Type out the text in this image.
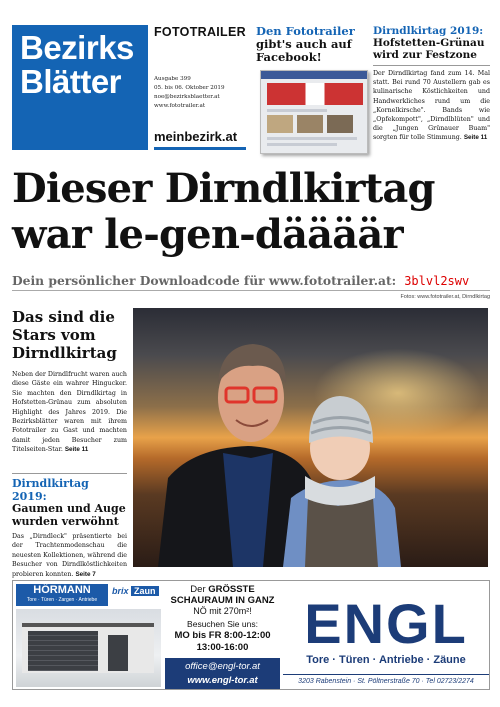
Bezirks
Blätter
FOTOTRAILER
Ausgabe 399
05. bis 06. Oktober 2019
noe@bezirksblaetter.at
www.fototrailer.at
meinbezirk.at
Den Fototrailer
gibt's auch auf
Facebook!
Dirndlkirtag 2019:
Hofstetten-Grünau wird zur Festzone
Der Dirndlkirtag fand zum 14. Mal statt. Bei rund 70 Austellern gab es kulinarische Köstlichkeiten und Handwerkliches rund um die „Kornelkirsche". Bands wie „Opfekompott", „Dirndlblüten" und die „Jungen Grünauer Buam" sorgten für tolle Stimmung. Seite 11
Dieser Dirndlkirtag
war le-gen-däääär
Dein persönlicher Downloadcode für www.fototrailer.at: 3blvl2swv
Fotos: www.fototrailer.at, Dirndlkirtag
Das sind die Stars vom Dirndlkirtag
Neben der Dirndlfrucht waren auch diese Gäste ein wahrer Hingucker. Sie machten den Dirndlkirtag in Hofstetten-Grünau zum absoluten Highlight des Jahres 2019. Die Bezirksblätter waren mit ihrem Fototrailer zu Gast und machten damit jeden Besucher zum Titelseiten-Star. Seite 11
Dirndlkirtag 2019:
Gaumen und Auge wurden verwöhnt
Das „Dirndleck" präsentierte bei der Trachtenmodenschau die neuesten Kollektionen, während die Besucher von Dirndlköstlichkeiten probieren konnten. Seite 7
HÖRMANN
Tore · Türen · Zargen · Antriebe
brix Zaun	Der GRÖSSTE
SCHAURAUM IN GANZ
NÖ mit 270m²!
Besuchen Sie uns:
MO bis FR 8:00-12:00
13:00-16:00
office@engl-tor.at
www.engl-tor.at
ENGL
Tore · Türen · Antriebe · Zäune
3203 Rabenstein · St. Pöltnerstraße 70 · Tel 02723/2274
